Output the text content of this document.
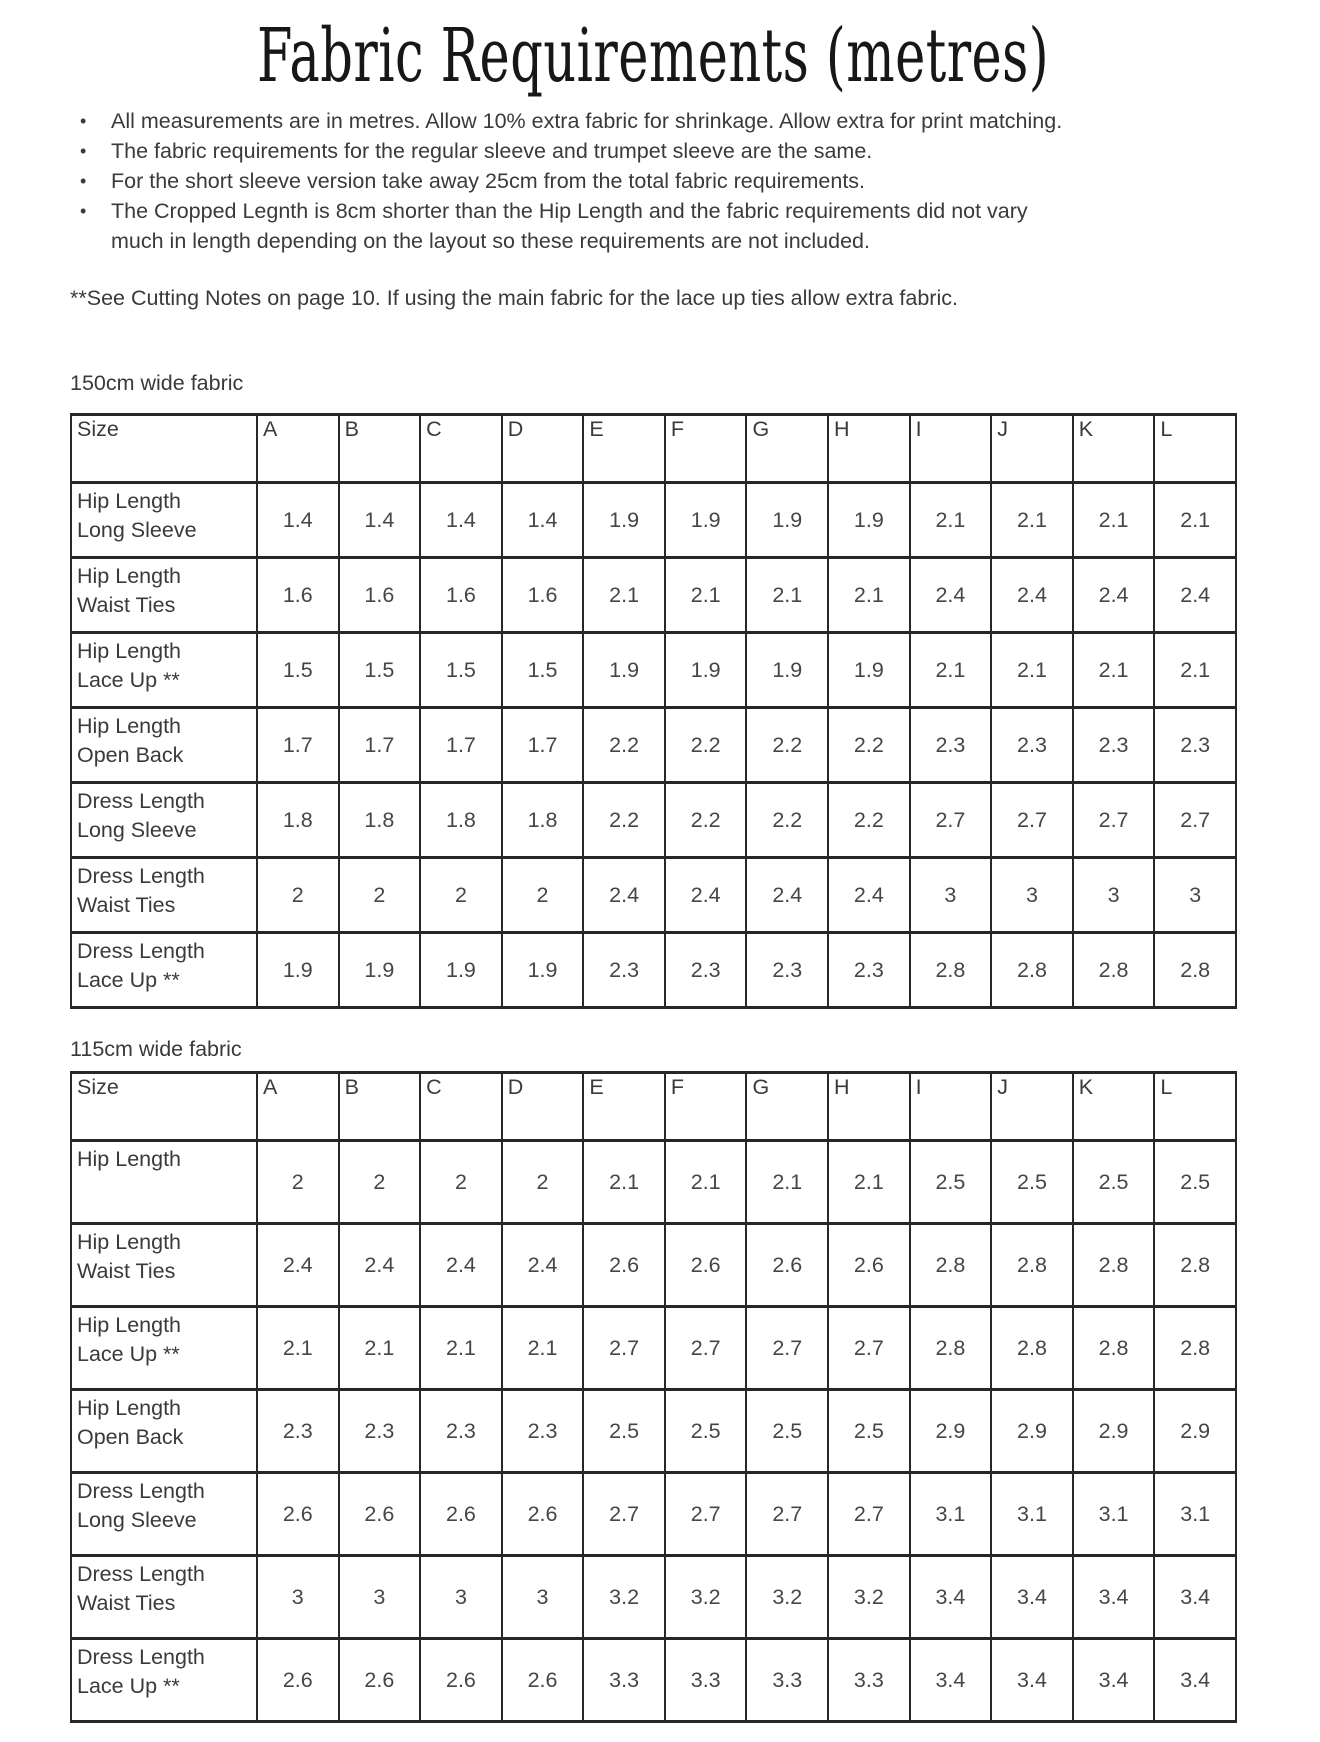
Fabric Requirements (metres)
• All measurements are in metres. Allow 10% extra fabric for shrinkage. Allow extra for print matching.
• The fabric requirements for the regular sleeve and trumpet sleeve are the same.
• For the short sleeve version take away 25cm from the total fabric requirements.
• The Cropped Legnth is 8cm shorter than the Hip Length and the fabric requirements did not vary much in length depending on the layout so these requirements are not included.

**See Cutting Notes on page 10. If using the main fabric for the lace up ties allow extra fabric.

150cm wide fabric

Size	A	B	C	D	E	F	G	H	I	J	K	L

Hip Length
Long Sleeve	1.4	1.4	1.4	1.4	1.9	1.9	1.9	1.9	2.1	2.1	2.1	2.1

Hip Length
Waist Ties	1.6	1.6	1.6	1.6	2.1	2.1	2.1	2.1	2.4	2.4	2.4	2.4

Hip Length
Lace Up **	1.5	1.5	1.5	1.5	1.9	1.9	1.9	1.9	2.1	2.1	2.1	2.1

Hip Length
Open Back	1.7	1.7	1.7	1.7	2.2	2.2	2.2	2.2	2.3	2.3	2.3	2.3

Dress Length
Long Sleeve	1.8	1.8	1.8	1.8	2.2	2.2	2.2	2.2	2.7	2.7	2.7	2.7

Dress Length
Waist Ties	2	2	2	2	2.4	2.4	2.4	2.4	3	3	3	3

Dress Length
Lace Up **	1.9	1.9	1.9	1.9	2.3	2.3	2.3	2.3	2.8	2.8	2.8	2.8

115cm wide fabric

Size	A	B	C	D	E	F	G	H	I	J	K	L

Hip Length	2	2	2	2	2.1	2.1	2.1	2.1	2.5	2.5	2.5	2.5

Hip Length
Waist Ties	2.4	2.4	2.4	2.4	2.6	2.6	2.6	2.6	2.8	2.8	2.8	2.8

Hip Length
Lace Up **	2.1	2.1	2.1	2.1	2.7	2.7	2.7	2.7	2.8	2.8	2.8	2.8

Hip Length
Open Back	2.3	2.3	2.3	2.3	2.5	2.5	2.5	2.5	2.9	2.9	2.9	2.9

Dress Length
Long Sleeve	2.6	2.6	2.6	2.6	2.7	2.7	2.7	2.7	3.1	3.1	3.1	3.1

Dress Length
Waist Ties	3	3	3	3	3.2	3.2	3.2	3.2	3.4	3.4	3.4	3.4

Dress Length
Lace Up **	2.6	2.6	2.6	2.6	3.3	3.3	3.3	3.3	3.4	3.4	3.4	3.4
